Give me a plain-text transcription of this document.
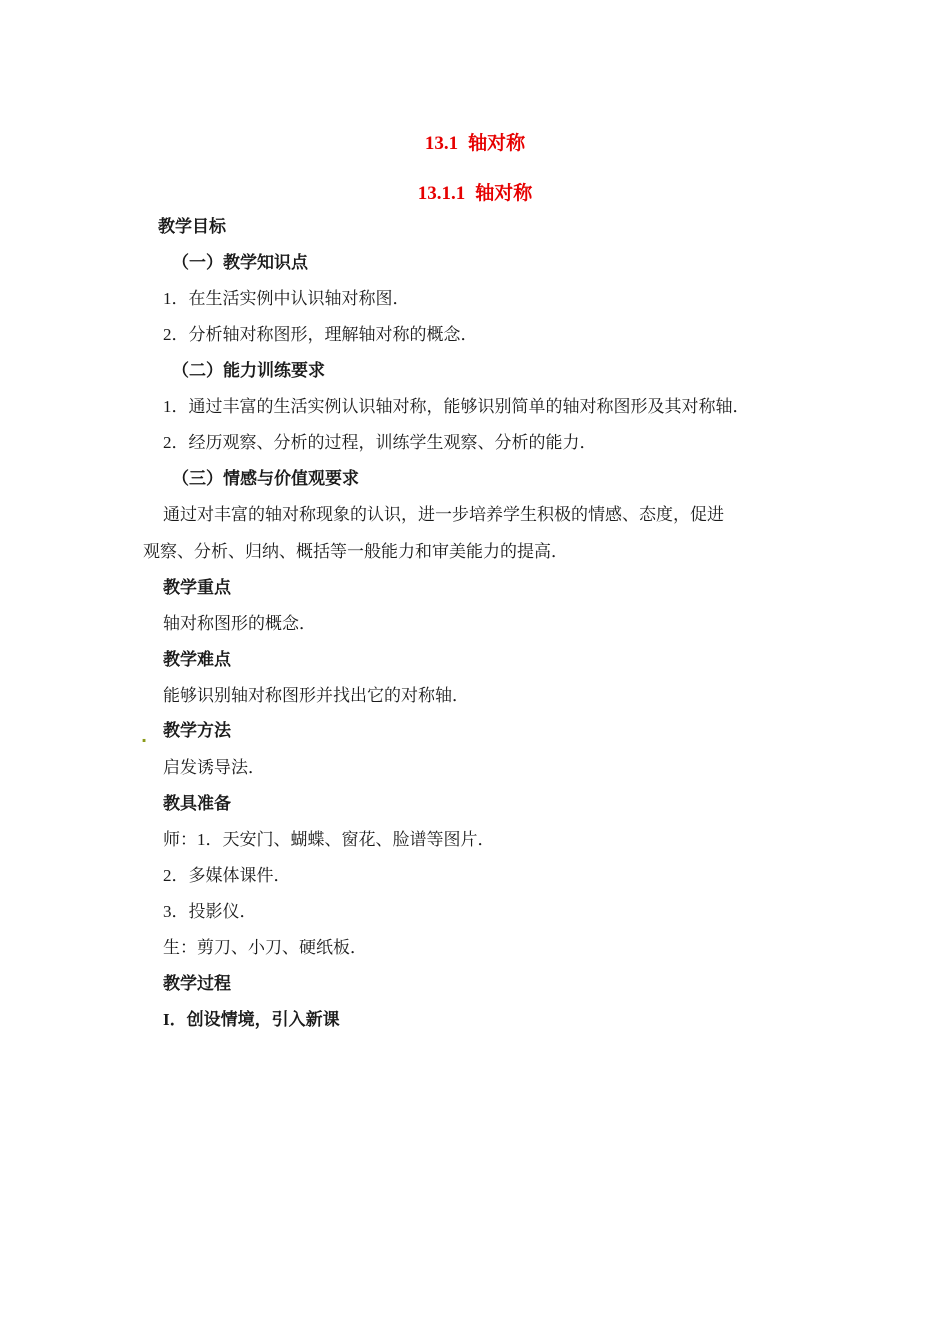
13.1 轴对称
13.1.1 轴对称
教学目标
（一）教学知识点
1．在生活实例中认识轴对称图．
2．分析轴对称图形，理解轴对称的概念．
（二）能力训练要求
1．通过丰富的生活实例认识轴对称，能够识别简单的轴对称图形及其对称轴．
2．经历观察、分析的过程，训练学生观察、分析的能力．
（三）情感与价值观要求
通过对丰富的轴对称现象的认识，进一步培养学生积极的情感、态度，促进
观察、分析、归纳、概括等一般能力和审美能力的提高．
教学重点
轴对称图形的概念．
教学难点
能够识别轴对称图形并找出它的对称轴．
. 教学方法
启发诱导法．
教具准备
师：1．天安门、蝴蝶、窗花、脸谱等图片．
2．多媒体课件．
3．投影仪．
生：剪刀、小刀、硬纸板．
教学过程
I．创设情境，引入新课
